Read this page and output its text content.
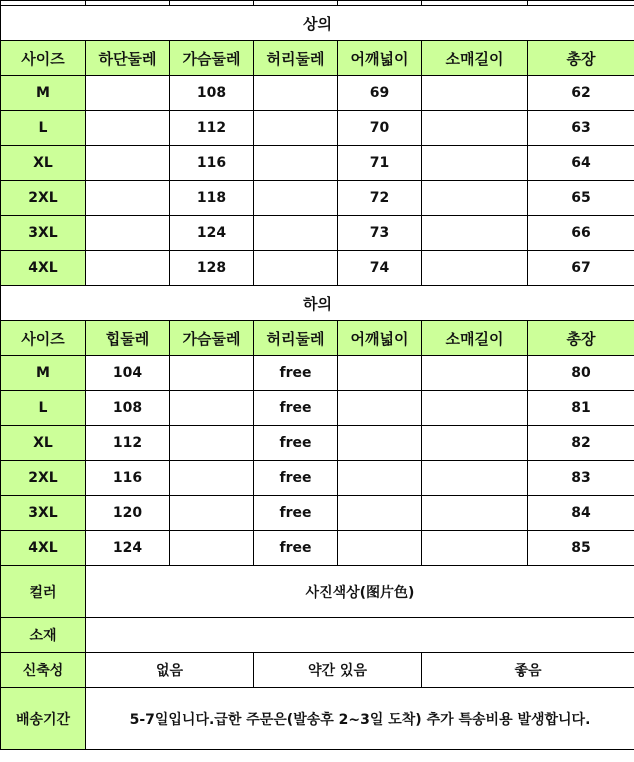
상의						
사이즈	하단둘레	가슴둘레	허리둘레	어깨넓이	소매길이	총장
M		108		69		62
L		112		70		63
XL		116		71		64
2XL		118		72		65
3XL		124		73		66
4XL		128		74		67
하의						
사이즈	힙둘레	가슴둘레	허리둘레	어깨넓이	소매길이	총장
M	104		free			80
L	108		free			81
XL	112		free			82
2XL	116		free			83
3XL	120		free			84
4XL	124		free			85
컬러	사진색상(图片色)					
소재						
신축성	없음		약간 있음		좋음	
배송기간	5-7일입니다.급한 주문은(발송후 2~3일 도착) 추가 특송비용 발생합니다.					
